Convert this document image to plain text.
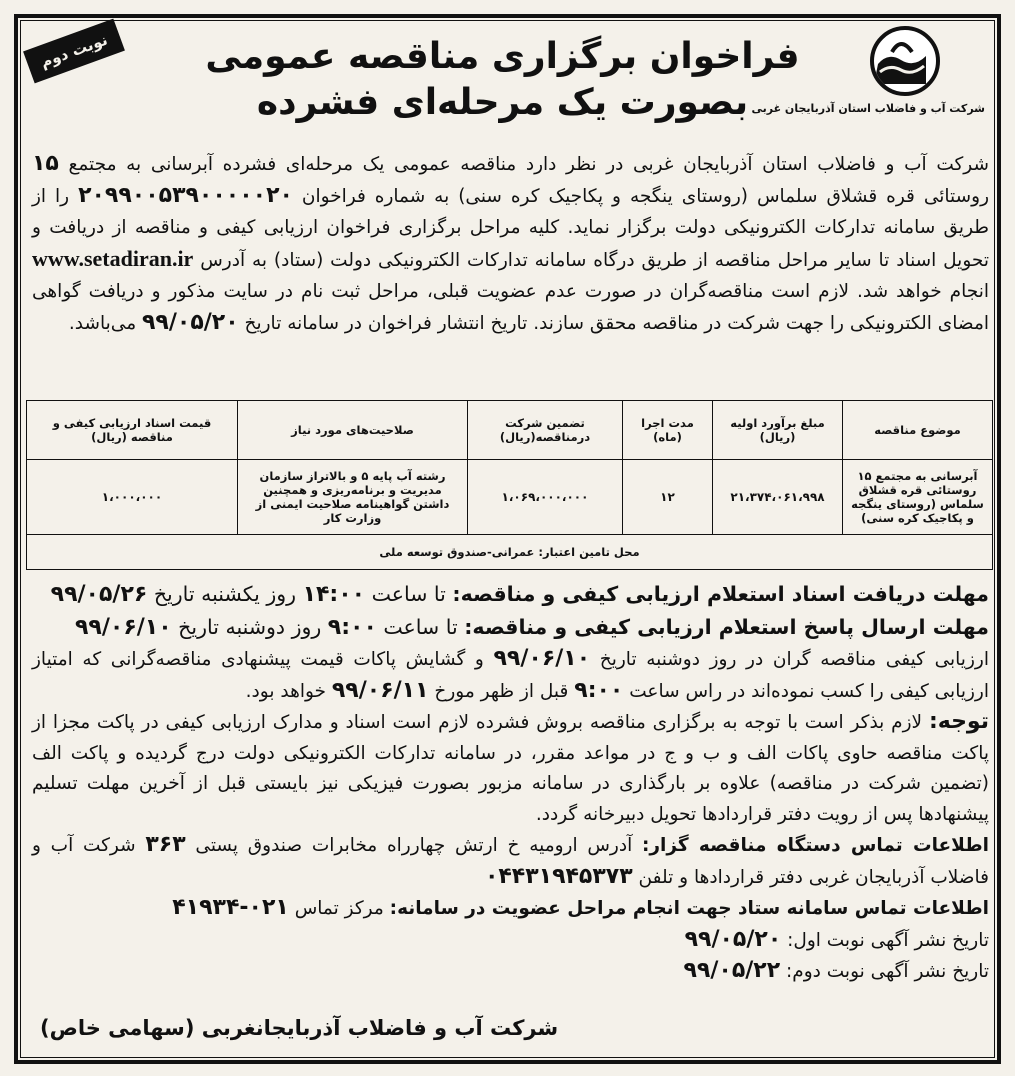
شرکت آب و فاضلاب استان آذربایجان غربی
فراخوان برگزاری مناقصه عمومی
بصورت یک مرحله‌ای فشرده
نوبت دوم
شرکت آب و فاضلاب استان آذربایجان غربی در نظر دارد مناقصه عمومی یک مرحله‌ای فشرده آبرسانی به مجتمع ۱۵ روستائی قره قشلاق سلماس (روستای ینگجه و پکاجیک کره سنی) به شماره فراخوان ۲۰۹۹۰۰۵۳۹۰۰۰۰۰۲۰ را از طریق سامانه تدارکات الکترونیکی دولت برگزار نماید. کلیه مراحل برگزاری فراخوان ارزیابی کیفی و مناقصه از دریافت و تحویل اسناد تا سایر مراحل مناقصه از طریق درگاه سامانه تدارکات الکترونیکی دولت (ستاد) به آدرس www.setadiran.ir انجام خواهد شد. لازم است مناقصه‌گران در صورت عدم عضویت قبلی، مراحل ثبت نام در سایت مذکور و دریافت گواهی امضای الکترونیکی را جهت شرکت در مناقصه محقق سازند. تاریخ انتشار فراخوان در سامانه تاریخ ۹۹/۰۵/۲۰ می‌باشد.
موضوع مناقصه	مبلغ برآورد اولیه (ریال)	مدت اجرا (ماه)	تضمین شرکت درمناقصه(ریال)	صلاحیت‌های مورد نیاز	قیمت اسناد ارزیابی کیفی و مناقصه (ریال)
آبرسانی به مجتمع ۱۵ روستائی قره قشلاق سلماس (روستای ینگجه و پکاجیک کره سنی)	۲۱،۳۷۴،۰۶۱،۹۹۸	۱۲	۱،۰۶۹،۰۰۰،۰۰۰	رشته آب پایه ۵ و بالاتراز سازمان مدیریت و برنامه‌ریزی و همچنین داشتن گواهینامه صلاحیت ایمنی از وزارت کار	۱،۰۰۰،۰۰۰
محل تامین اعتبار: عمرانی-صندوق توسعه ملی					

مهلت دریافت اسناد استعلام ارزیابی کیفی و مناقصه: تا ساعت ۱۴:۰۰ روز یکشنبه تاریخ ۹۹/۰۵/۲۶

مهلت ارسال پاسخ استعلام ارزیابی کیفی و مناقصه: تا ساعت ۹:۰۰ روز دوشنبه تاریخ ۹۹/۰۶/۱۰

ارزیابی کیفی مناقصه گران در روز دوشنبه تاریخ ۹۹/۰۶/۱۰ و گشایش پاکات قیمت پیشنهادی مناقصه‌گرانی که امتیاز ارزیابی کیفی را کسب نموده‌اند در راس ساعت ۹:۰۰ قبل از ظهر مورخ ۹۹/۰۶/۱۱ خواهد بود.

توجه: لازم بذکر است با توجه به برگزاری مناقصه بروش فشرده لازم است اسناد و مدارک ارزیابی کیفی در پاکت مجزا از پاکت مناقصه حاوی پاکات الف و ب و ج در مواعد مقرر، در سامانه تدارکات الکترونیکی دولت درج گردیده و پاکت الف (تضمین شرکت در مناقصه) علاوه بر بارگذاری در سامانه مزبور بصورت فیزیکی نیز بایستی قبل از آخرین مهلت تسلیم پیشنهادها پس از رویت دفتر قراردادها تحویل دبیرخانه گردد.

اطلاعات تماس دستگاه مناقصه گزار: آدرس ارومیه خ ارتش چهارراه مخابرات صندوق پستی ۳۶۳ شرکت آب و فاضلاب آذربایجان غربی دفتر قراردادها و تلفن ۰۴۴۳۱۹۴۵۳۷۳

اطلاعات تماس سامانه ستاد جهت انجام مراحل عضویت در سامانه: مرکز تماس ۰۲۱-۴۱۹۳۴

تاریخ نشر آگهی نوبت اول: ۹۹/۰۵/۲۰

تاریخ نشر آگهی نوبت دوم: ۹۹/۰۵/۲۲

شرکت آب و فاضلاب آذربایجانغربی (سهامی خاص)
